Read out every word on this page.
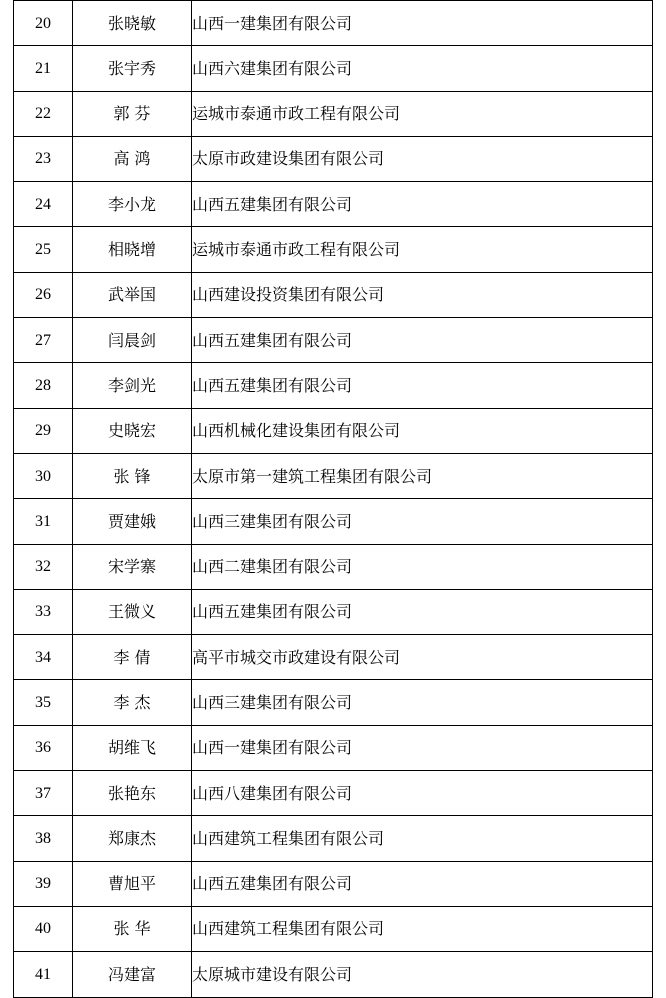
20	张晓敏	山西一建集团有限公司
21	张宇秀	山西六建集团有限公司
22	郭 芬	运城市泰通市政工程有限公司
23	高 鸿	太原市政建设集团有限公司
24	李小龙	山西五建集团有限公司
25	相晓增	运城市泰通市政工程有限公司
26	武举国	山西建设投资集团有限公司
27	闫晨剑	山西五建集团有限公司
28	李剑光	山西五建集团有限公司
29	史晓宏	山西机械化建设集团有限公司
30	张 锋	太原市第一建筑工程集团有限公司
31	贾建娥	山西三建集团有限公司
32	宋学寨	山西二建集团有限公司
33	王微义	山西五建集团有限公司
34	李 倩	高平市城交市政建设有限公司
35	李 杰	山西三建集团有限公司
36	胡维飞	山西一建集团有限公司
37	张艳东	山西八建集团有限公司
38	郑康杰	山西建筑工程集团有限公司
39	曹旭平	山西五建集团有限公司
40	张 华	山西建筑工程集团有限公司
41	冯建富	太原城市建设有限公司
